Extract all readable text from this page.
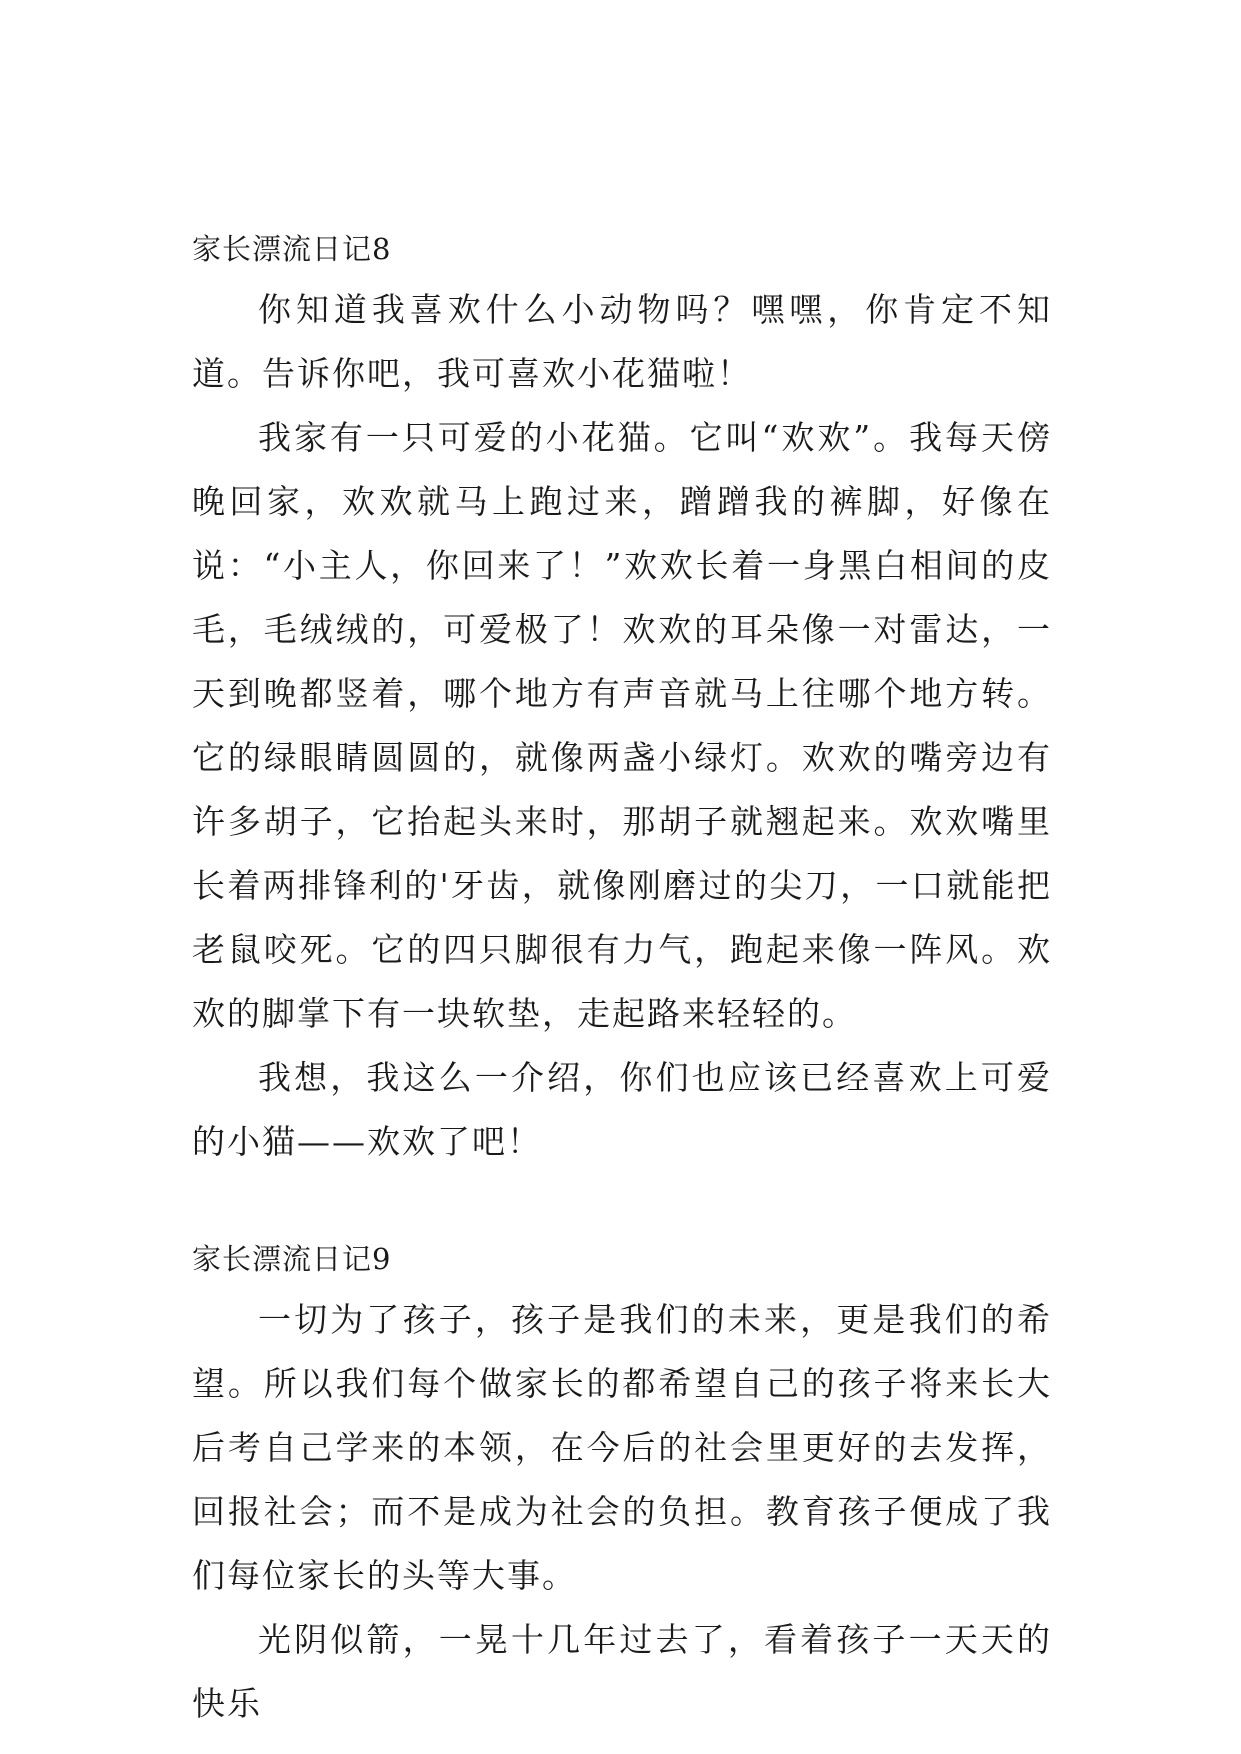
家长漂流日记8

你知道我喜欢什么小动物吗？嘿嘿，你肯定不知道。告诉你吧，我可喜欢小花猫啦！

我家有一只可爱的小花猫。它叫“欢欢”。我每天傍晚回家，欢欢就马上跑过来，蹭蹭我的裤脚，好像在说：“小主人，你回来了！”欢欢长着一身黑白相间的皮毛，毛绒绒的，可爱极了！欢欢的耳朵像一对雷达，一天到晚都竖着，哪个地方有声音就马上往哪个地方转。它的绿眼睛圆圆的，就像两盏小绿灯。欢欢的嘴旁边有许多胡子，它抬起头来时，那胡子就翘起来。欢欢嘴里长着两排锋利的'牙齿，就像刚磨过的尖刀，一口就能把老鼠咬死。它的四只脚很有力气，跑起来像一阵风。欢欢的脚掌下有一块软垫，走起路来轻轻的。

我想，我这么一介绍，你们也应该已经喜欢上可爱的小猫——欢欢了吧！

家长漂流日记9

一切为了孩子，孩子是我们的未来，更是我们的希望。所以我们每个做家长的都希望自己的孩子将来长大后考自己学来的本领，在今后的社会里更好的去发挥，回报社会；而不是成为社会的负担。教育孩子便成了我们每位家长的头等大事。

光阴似箭，一晃十几年过去了，看着孩子一天天的快乐
